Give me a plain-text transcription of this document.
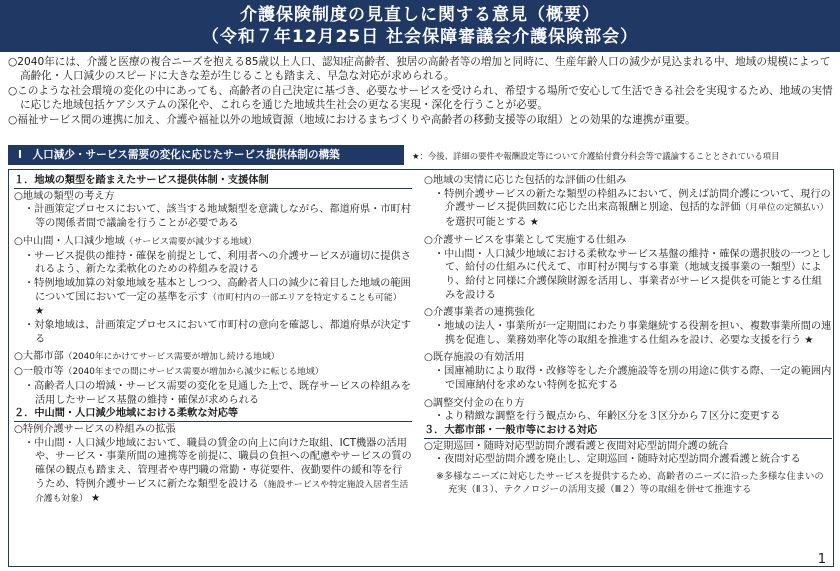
介護保険制度の見直しに関する意見（概要）
（令和７年12月25日 社会保障審議会介護保険部会）

○2040年には、介護と医療の複合ニーズを抱える85歳以上人口、認知症高齢者、独居の高齢者等の増加と同時に、生産年齢人口の減少が見込まれる中、地域の規模によって高齢化・人口減少のスピードに大きな差が生じることも踏まえ、早急な対応が求められる。

○このような社会環境の変化の中にあっても、高齢者の自己決定に基づき、必要なサービスを受けられ、希望する場所で安心して生活できる社会を実現するため、地域の実情に応じた地域包括ケアシステムの深化や、これらを通じた地域共生社会の更なる実現・深化を行うことが必要。

○福祉サービス間の連携に加え、介護や福祉以外の地域資源（地域におけるまちづくりや高齢者の移動支援等の取組）との効果的な連携が重要。

Ⅰ　人口減少・サービス需要の変化に応じたサービス提供体制の構築	★：今後、詳細の要件や報酬設定等について介護給付費分科会等で議論することとされている項目
１．地域の類型を踏まえたサービス提供体制・支援体制
○地域の類型の考え方
・計画策定プロセスにおいて、該当する地域類型を意識しながら、都道府県・市町村等の関係者間で議論を行うことが必要である
○中山間・人口減少地域（サービス需要が減少する地域）
・サービス提供の維持・確保を前提として、利用者への介護サービスが適切に提供されるよう、新たな柔軟化のための枠組みを設ける
・特例地域加算の対象地域を基本としつつ、高齢者人口の減少に着目した地域の範囲について国において一定の基準を示す（市町村内の一部エリアを特定することも可能） ★
・対象地域は、計画策定プロセスにおいて市町村の意向を確認し、都道府県が決定する
○大都市部（2040年にかけてサービス需要が増加し続ける地域）
○一般市等（2040年までの間にサービス需要が増加から減少に転じる地域）
・高齢者人口の増減・サービス需要の変化を見通した上で、既存サービスの枠組みを活用したサービス基盤の維持・確保が求められる
２．中山間・人口減少地域における柔軟な対応等
○特例介護サービスの枠組みの拡張
・中山間・人口減少地域において、職員の賃金の向上に向けた取組、ICT機器の活用や、サービス・事業所間の連携等を前提に、職員の負担への配慮やサービスの質の確保の観点も踏まえ、管理者や専門職の常勤・専従要件、夜勤要件の緩和等を行うため、特例介護サービスに新たな類型を設ける（施設サービスや特定施設入居者生活介護も対象） ★
○地域の実情に応じた包括的な評価の仕組み
・特例介護サービスの新たな類型の枠組みにおいて、例えば訪問介護について、現行の介護サービス提供回数に応じた出来高報酬と別途、包括的な評価（月単位の定額払い）を選択可能とする ★
○介護サービスを事業として実施する仕組み
・中山間・人口減少地域における柔軟なサービス基盤の維持・確保の選択肢の一つとして、給付の仕組みに代えて、市町村が関与する事業（地域支援事業の一類型）により、給付と同様に介護保険財源を活用し、事業者がサービス提供を可能とする仕組みを設ける
○介護事業者の連携強化
・地域の法人・事業所が一定期間にわたり事業継続する役割を担い、複数事業所間の連携を促進し、業務効率化等の取組を推進する仕組みを設け、必要な支援を行う ★
○既存施設の有効活用
・国庫補助により取得・改修等をした介護施設等を別の用途に供する際、一定の範囲内で国庫納付を求めない特例を拡充する
○調整交付金の在り方
・より精緻な調整を行う観点から、年齢区分を３区分から７区分に変更する
３．大都市部・一般市等における対応
○定期巡回・随時対応型訪問介護看護と夜間対応型訪問介護の統合
・夜間対応型訪問介護を廃止し、定期巡回・随時対応型訪問介護看護と統合する
※多様なニーズに対応したサービスを提供するため、高齢者のニーズに沿った多様な住まいの充実（Ⅱ３）、テクノロジーの活用支援（Ⅲ２）等の取組を併せて推進する
1
